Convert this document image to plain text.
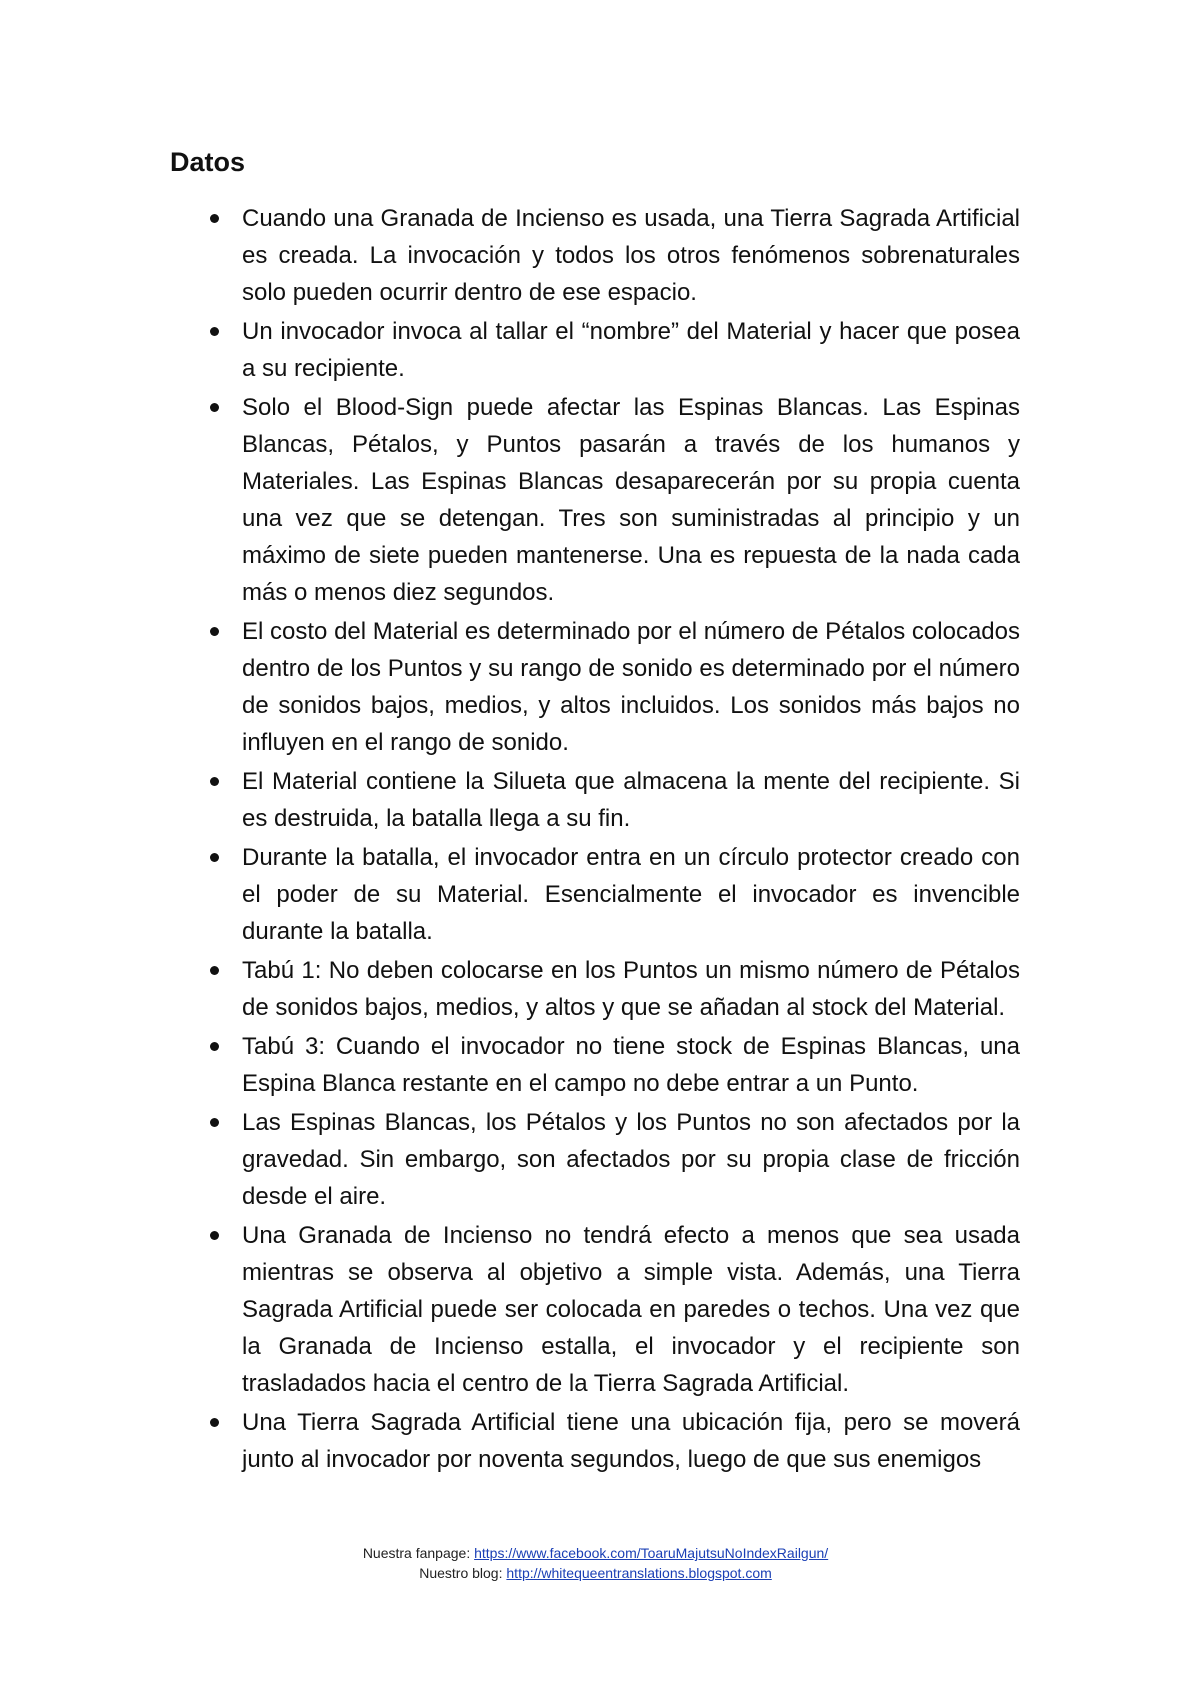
Datos
Cuando una Granada de Incienso es usada, una Tierra Sagrada Artificial es creada. La invocación y todos los otros fenómenos sobrenaturales solo pueden ocurrir dentro de ese espacio.
Un invocador invoca al tallar el “nombre” del Material y hacer que posea a su recipiente.
Solo el Blood-Sign puede afectar las Espinas Blancas. Las Espinas Blancas, Pétalos, y Puntos pasarán a través de los humanos y Materiales. Las Espinas Blancas desaparecerán por su propia cuenta una vez que se detengan. Tres son suministradas al principio y un máximo de siete pueden mantenerse. Una es repuesta de la nada cada más o menos diez segundos.
El costo del Material es determinado por el número de Pétalos colocados dentro de los Puntos y su rango de sonido es determinado por el número de sonidos bajos, medios, y altos incluidos. Los sonidos más bajos no influyen en el rango de sonido.
El Material contiene la Silueta que almacena la mente del recipiente. Si es destruida, la batalla llega a su fin.
Durante la batalla, el invocador entra en un círculo protector creado con el poder de su Material. Esencialmente el invocador es invencible durante la batalla.
Tabú 1: No deben colocarse en los Puntos un mismo número de Pétalos de sonidos bajos, medios, y altos y que se añadan al stock del Material.
Tabú 3: Cuando el invocador no tiene stock de Espinas Blancas, una Espina Blanca restante en el campo no debe entrar a un Punto.
Las Espinas Blancas, los Pétalos y los Puntos no son afectados por la gravedad. Sin embargo, son afectados por su propia clase de fricción desde el aire.
Una Granada de Incienso no tendrá efecto a menos que sea usada mientras se observa al objetivo a simple vista. Además, una Tierra Sagrada Artificial puede ser colocada en paredes o techos. Una vez que la Granada de Incienso estalla, el invocador y el recipiente son trasladados hacia el centro de la Tierra Sagrada Artificial.
Una Tierra Sagrada Artificial tiene una ubicación fija, pero se moverá junto al invocador por noventa segundos, luego de que sus enemigos
Nuestra fanpage: https://www.facebook.com/ToaruMajutsuNoIndexRailgun/
Nuestro blog: http://whitequeentranslations.blogspot.com
